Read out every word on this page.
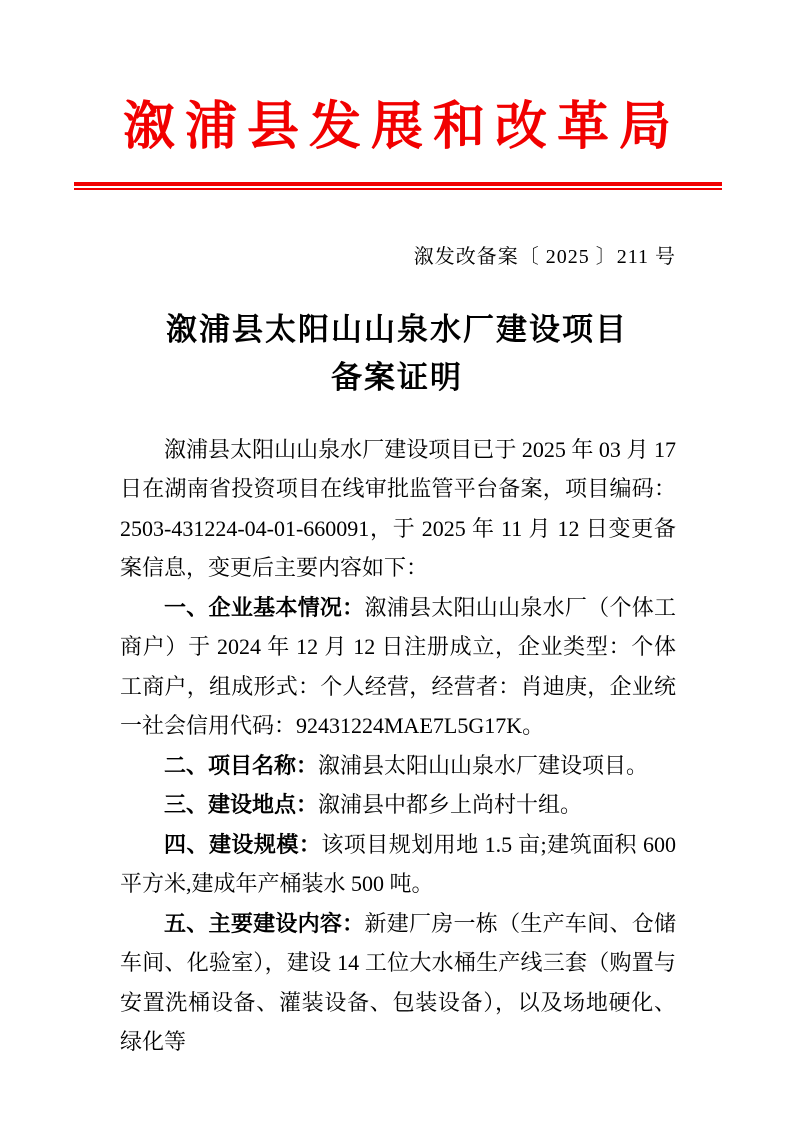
溆浦县发展和改革局
溆发改备案〔 2025 〕211 号
溆浦县太阳山山泉水厂建设项目
备案证明

溆浦县太阳山山泉水厂建设项目已于 2025 年 03 月 17 日在湖南省投资项目在线审批监管平台备案，项目编码：2503-431224-04-01-660091，于 2025 年 11 月 12 日变更备案信息，变更后主要内容如下：

一、企业基本情况：溆浦县太阳山山泉水厂（个体工商户）于 2024 年 12 月 12 日注册成立，企业类型：个体工商户，组成形式：个人经营，经营者：肖迪庚，企业统一社会信用代码：92431224MAE7L5G17K。

二、项目名称：溆浦县太阳山山泉水厂建设项目。

三、建设地点：溆浦县中都乡上尚村十组。

四、建设规模：该项目规划用地 1.5 亩;建筑面积 600 平方米,建成年产桶装水 500 吨。

五、主要建设内容：新建厂房一栋（生产车间、仓储车间、化验室），建设 14 工位大水桶生产线三套（购置与安置洗桶设备、灌装设备、包装设备），以及场地硬化、绿化等
